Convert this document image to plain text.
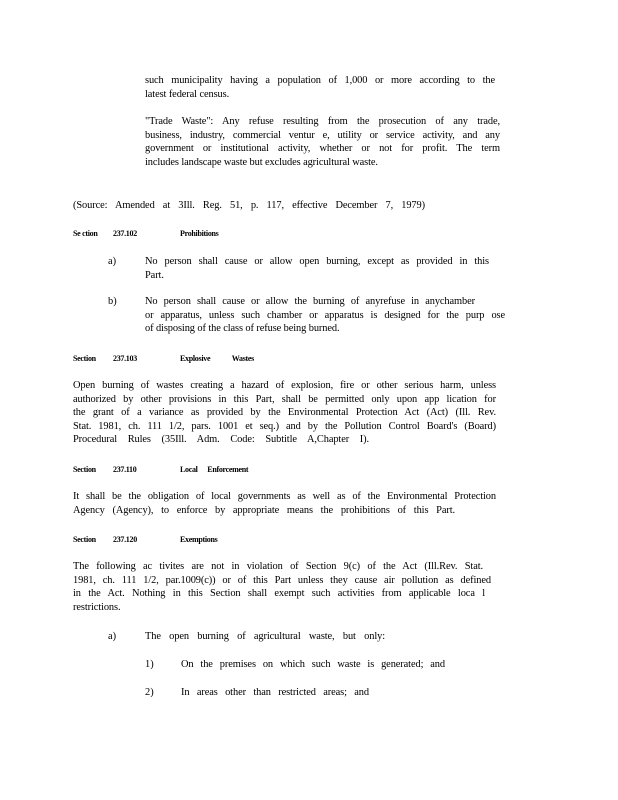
such municipality having a population of 1,000 or more according to the
latest federal census.

"Trade Waste": Any refuse resulting from the prosecution of any trade,
business, industry, commercial ventur e, utility or service activity, and any
government or institutional activity, whether or not for profit. The term
includes landscape waste but excludes agricultural waste.

(Source: Amended at 3Ill. Reg. 51, p. 117, effective December 7, 1979)

Se ction 237.102	Prohibitions
a)	No person shall cause or allow open burning, except as provided in this
Part.

b)	No person shall cause or allow the burning of anyrefuse in anychamber
or apparatus, unless such chamber or apparatus is designed for the purp ose
of disposing of the class of refuse being burned.

Section 237.103	Explosive Wastes

Open burning of wastes creating a hazard of explosion, fire or other serious harm, unless
authorized by other provisions in this Part, shall be permitted only upon app lication for
the grant of a variance as provided by the Environmental Protection Act (Act) (Ill. Rev.
Stat. 1981, ch. 111 1/2, pars. 1001 et seq.) and by the Pollution Control Board's (Board)
Procedural Rules (35Ill. Adm. Code: Subtitle A,Chapter I).

Section 237.110	Local Enforcement

It shall be the obligation of local governments as well as of the Environmental Protection
Agency (Agency), to enforce by appropriate means the prohibitions of this Part.

Section 237.120	Exemptions

The following ac tivites are not in violation of Section 9(c) of the Act (Ill.Rev. Stat.
1981, ch. 111 1/2, par.1009(c)) or of this Part unless they cause air pollution as defined
in the Act. Nothing in this Section shall exempt such activities from applicable loca l
restrictions.

a)	The open burning of agricultural waste, but only:

1)	On the premises on which such waste is generated; and

2)	In areas other than restricted areas; and
